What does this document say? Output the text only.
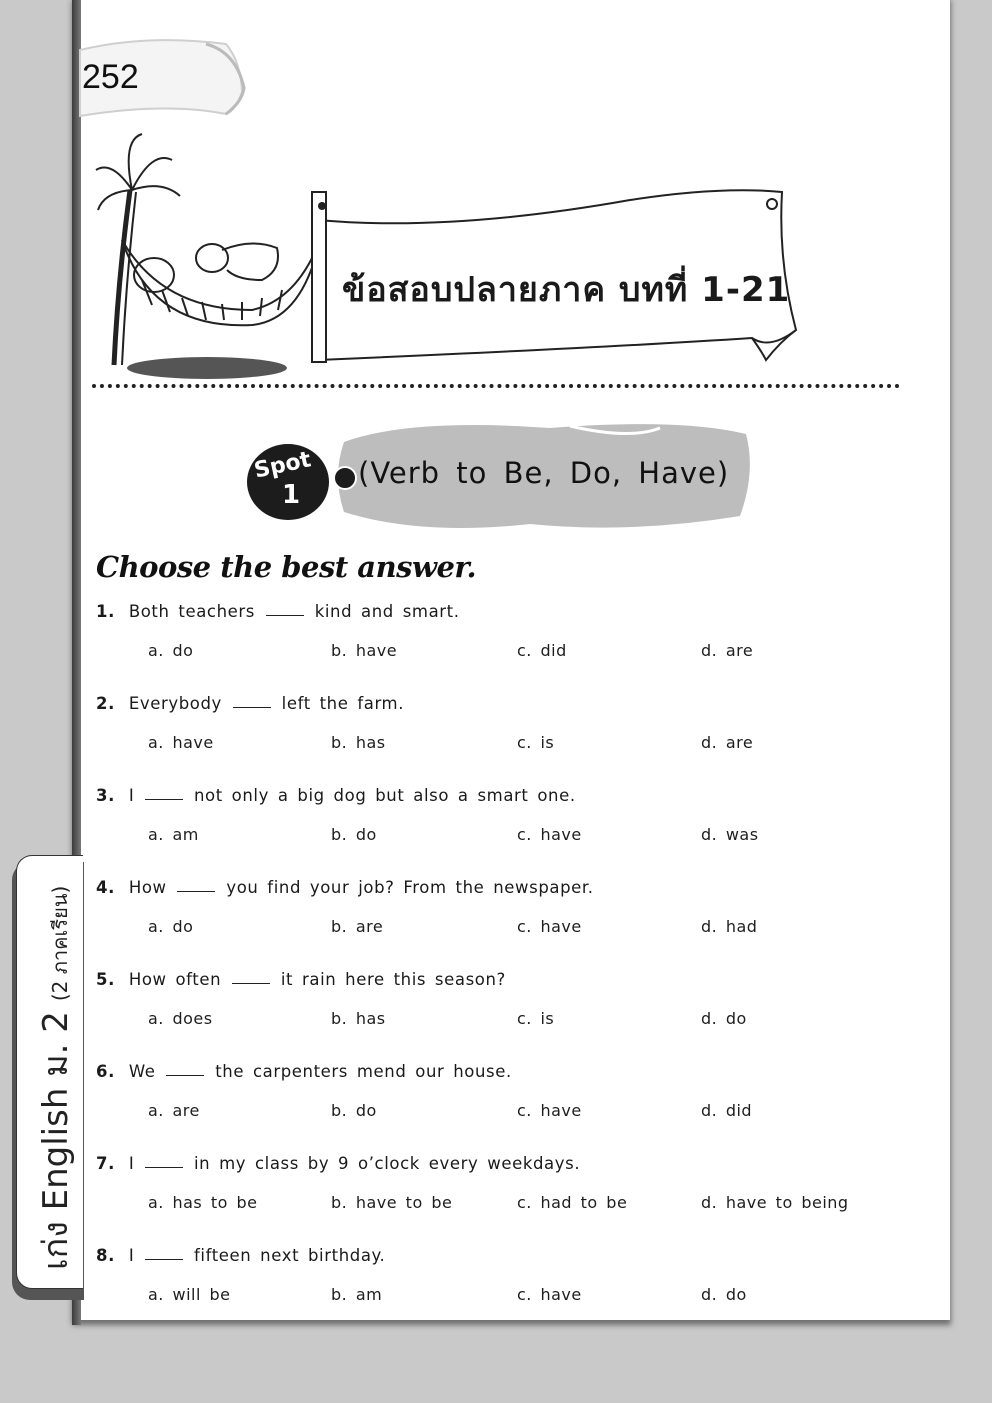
252
ข้อสอบปลายภาค บทที่ 1-21
Spot
1
(Verb to Be, Do, Have)
Choose the best answer.
1. Both teachers	kind and smart.
a. do	b. have	c. did	d. are
2. Everybody	left the farm.
a. have	b. has	c. is	d. are
3. I	not only a big dog but also a smart one.
a. am	b. do	c. have	d. was
4. How	you find your job? From the newspaper.
a. do	b. are	c. have	d. had
5. How often	it rain here this season?
a. does	b. has	c. is	d. do
6. We	the carpenters mend our house.
a. are	b. do	c. have	d. did
7. I	in my class by 9 o’clock every weekdays.
a. has to be	b. have to be	c. had to be	d. have to being
8. I	fifteen next birthday.
a. will be	b. am	c. have	d. do
เก่ง English ม. 2(2 ภาคเรียน)
